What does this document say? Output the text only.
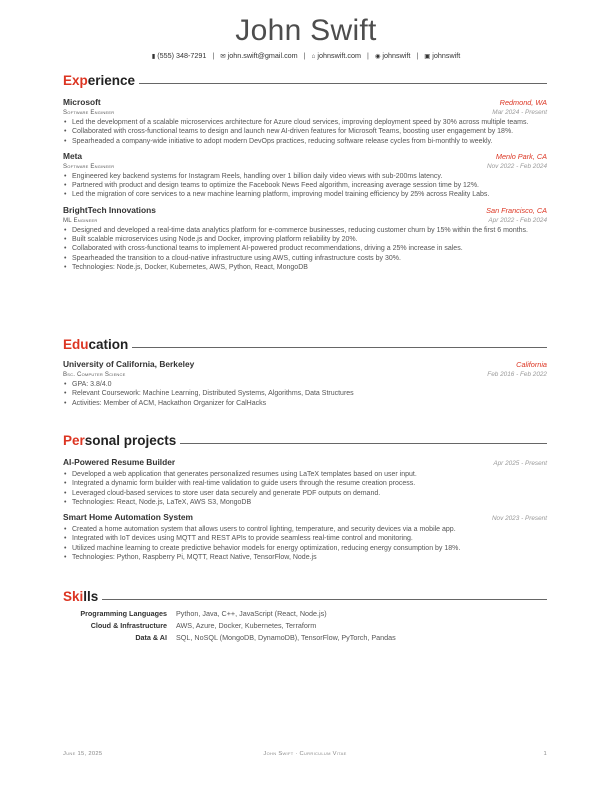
John Swift
▮ (555) 348-7291 | ✉ john.swift@gmail.com | ⌂ johnswift.com | ◉ johnswift | ▣ johnswift
Experience
Microsoft	Redmond, WA
Software Engineer	Mar 2024 - Present
• Led the development of a scalable microservices architecture for Azure cloud services, improving deployment speed by 30% across multiple teams.
• Collaborated with cross-functional teams to design and launch new AI-driven features for Microsoft Teams, boosting user engagement by 18%.
• Spearheaded a company-wide initiative to adopt modern DevOps practices, reducing software release cycles from bi-monthly to weekly.
Meta	Menlo Park, CA
Software Engineer	Nov 2022 - Feb 2024
• Engineered key backend systems for Instagram Reels, handling over 1 billion daily video views with sub-200ms latency.
• Partnered with product and design teams to optimize the Facebook News Feed algorithm, increasing average session time by 12%.
• Led the migration of core services to a new machine learning platform, improving model training efficiency by 25% across Reality Labs.
BrightTech Innovations	San Francisco, CA
ML Engineer	Apr 2022 - Feb 2024
• Designed and developed a real-time data analytics platform for e-commerce businesses, reducing customer churn by 15% within the first 6 months.
• Built scalable microservices using Node.js and Docker, improving platform reliability by 20%.
• Collaborated with cross-functional teams to implement AI-powered product recommendations, driving a 25% increase in sales.
• Spearheaded the transition to a cloud-native infrastructure using AWS, cutting infrastructure costs by 30%.
• Technologies: Node.js, Docker, Kubernetes, AWS, Python, React, MongoDB
Education
University of California, Berkeley	California
Bsc. Computer Science	Feb 2016 - Feb 2022
• GPA: 3.8/4.0
• Relevant Coursework: Machine Learning, Distributed Systems, Algorithms, Data Structures
• Activities: Member of ACM, Hackathon Organizer for CalHacks
Personal projects
AI-Powered Resume Builder	Apr 2025 - Present
• Developed a web application that generates personalized resumes using LaTeX templates based on user input.
• Integrated a dynamic form builder with real-time validation to guide users through the resume creation process.
• Leveraged cloud-based services to store user data securely and generate PDF outputs on demand.
• Technologies: React, Node.js, LaTeX, AWS S3, MongoDB
Smart Home Automation System	Nov 2023 - Present
• Created a home automation system that allows users to control lighting, temperature, and security devices via a mobile app.
• Integrated with IoT devices using MQTT and REST APIs to provide seamless real-time control and monitoring.
• Utilized machine learning to create predictive behavior models for energy optimization, reducing energy consumption by 18%.
• Technologies: Python, Raspberry Pi, MQTT, React Native, TensorFlow, Node.js
Skills
Programming Languages	Python, Java, C++, JavaScript (React, Node.js)
Cloud & Infrastructure	AWS, Azure, Docker, Kubernetes, Terraform
Data & AI	SQL, NoSQL (MongoDB, DynamoDB), TensorFlow, PyTorch, Pandas
June 15, 2025	John Swift · Curriculum Vitae	1
